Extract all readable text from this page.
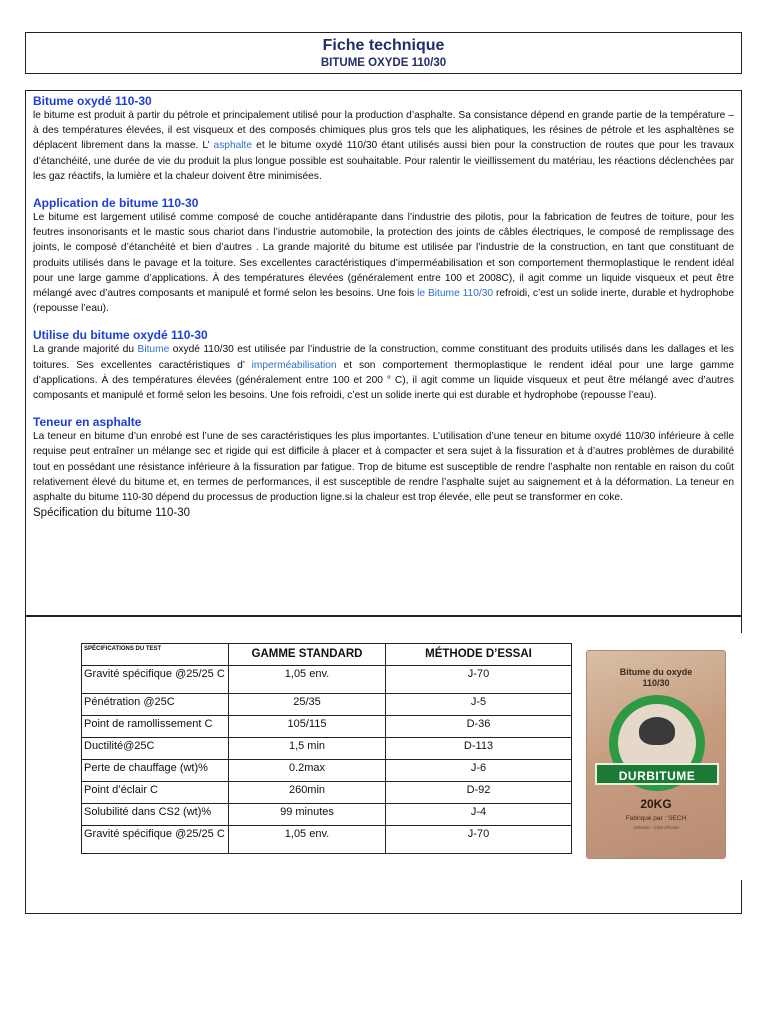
Fiche technique
BITUME OXYDE 110/30
Bitume oxydé 110-30

le bitume est produit à partir du pétrole et principalement utilisé pour la production d’asphalte. Sa consistance dépend en grande partie de la température – à des températures élevées, il est visqueux et des composés chimiques plus gros tels que les aliphatiques, les résines de pétrole et les asphaltènes se déplacent librement dans la masse. L’ asphalte et le bitume oxydé 110/30 étant utilisés aussi bien pour la construction de routes que pour les travaux d’étanchéité, une durée de vie du produit la plus longue possible est souhaitable. Pour ralentir le vieillissement du matériau, les réactions déclenchées par les gaz réactifs, la lumière et la chaleur doivent être minimisées.

Application de bitume 110-30

Le bitume est largement utilisé comme composé de couche antidérapante dans l’industrie des pilotis, pour la fabrication de feutres de toiture, pour les feutres insonorisants et le mastic sous chariot dans l’industrie automobile, la protection des joints de câbles électriques, le composé de remplissage des joints, le composé d’étanchéité et bien d’autres . La grande majorité du bitume est utilisée par l’industrie de la construction, en tant que constituant de produits utilisés dans le pavage et la toiture. Ses excellentes caractéristiques d’imperméabilisation et son comportement thermoplastique le rendent idéal pour une large gamme d’applications. À des températures élevées (généralement entre 100 et 2008C), il agit comme un liquide visqueux et peut être mélangé avec d’autres composants et manipulé et formé selon les besoins. Une fois le Bitume 110/30 refroidi, c’est un solide inerte, durable et hydrophobe (repousse l’eau).

Utilise du bitume oxydé 110-30

La grande majorité du Bitume oxydé 110/30 est utilisée par l’industrie de la construction, comme constituant des produits utilisés dans les dallages et les toitures. Ses excellentes caractéristiques d’ imperméabilisation et son comportement thermoplastique le rendent idéal pour une large gamme d’applications. À des températures élevées (généralement entre 100 et 200 ° C), il agit comme un liquide visqueux et peut être mélangé avec d’autres composants et manipulé et formé selon les besoins. Une fois refroidi, c’est un solide inerte qui est durable et hydrophobe (repousse l’eau).

Teneur en asphalte

La teneur en bitume d’un enrobé est l’une de ses caractéristiques les plus importantes. L’utilisation d’une teneur en bitume oxydé 110/30 inférieure à celle requise peut entraîner un mélange sec et rigide qui est difficile à placer et à compacter et sera sujet à la fissuration et à d’autres problèmes de durabilité tout en possédant une résistance inférieure à la fissuration par fatigue. Trop de bitume est susceptible de rendre l’asphalte non rentable en raison du coût relativement élevé du bitume et, en termes de performances, il est susceptible de rendre l’asphalte sujet au saignement et à la déformation. La teneur en asphalte du bitume 110-30 dépend du processus de production ligne.si la chaleur est trop élevée, elle peut se transformer en coke.

Spécification du bitume 110-30
SPÉCIFICATIONS DU TEST	GAMME STANDARD	MÉTHODE D’ESSAI
Gravité spécifique @25/25 C	1,05 env.	J-70
Pénétration @25C	25/35	J-5
Point de ramollissement C	105/115	D-36
Ductilité@25C	1,5 min	D-113
Perte de chauffage (wt)%	0.2max	J-6
Point d’éclair C	260min	D-92
Solubilité dans CS2 (wt)%	99 minutes	J-4
Gravité spécifique @25/25 C	1,05 env.	J-70
Bitume du oxyde
110/30
DURBITUME
20KG
Fabriqué par : SECH
Adresse - Côte d'Ivoire
